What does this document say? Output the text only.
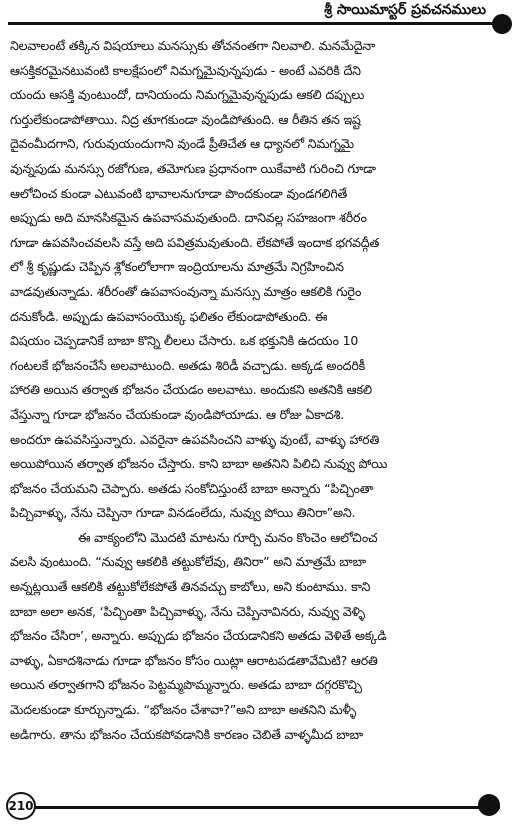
శ్రీ సాయిమాస్టర్ ప్రవచనములు
నిలవాలంటే తక్కిన విషయాలు మనస్సుకు తోచనంతగా నిలవాలి. మనమేదైనా
ఆసక్తికరమైనటువంటి కాలక్షేపంలో నిమగ్నమైవున్నపుడు - అంటే ఎవరికి దేని
యందు ఆసక్తి వుంటుందో, దానియందు నిమగ్నమైవున్నపుడు ఆకలి దప్పులు
గుర్తులేకుండాపోతాయి. నిద్ర తూగకుండా వుండిపోతుంది. ఆ రీతిన తన ఇష్ట
దైవంమీదగాని, గురువుయందుగాని వుండే ప్రీతిచేత ఆ ధ్యానలో నిమగ్నమై
వున్నపుడు మనస్సు రజోగుణ, తమోగుణ ప్రధానంగా యికేవాటి గురించి గూడా
ఆలోచించ కుండా ఎటువంటి భావాలనుగూడా పొందకుండా వుండగలిగితే
అప్పుడు అది మానసికమైన ఉపవాసమవుతుంది. దానివల్ల సహజంగా శరీరం
గూడా ఉపవసించవలసి వస్తే అది పవిత్రమవుతుంది. లేకపోతే ఇందాక భగవద్గీత
లో శ్రీ కృష్ణుడు చెప్పిన శ్లోకంలోలాగా ఇంద్రియాలను మాత్రమే నిగ్రహించిన
వాడవుతున్నాడు. శరీరంతో ఉపవాసంవున్నా మనస్సు మాత్రం ఆకలికి గురైం
దనుకోండి. అప్పుడు ఉపవాసంయొక్క ఫలితం లేకుండాపోతుంది. ఈ
విషయం చెప్పడానికే బాబా కొన్ని లీలలు చేసారు. ఒక భక్తునికి ఉదయం 10
గంటలకే భోజనంచేసే అలవాటుంది. అతడు శిరిడీ వచ్చాడు. అక్కడ అందరికీ
హారతి అయిన తర్వాత భోజనం చేయడం అలవాటు. అందుకని అతనికి ఆకలి
వేస్తున్నా గూడా భోజనం చేయకుండా వుండిపోయాడు. ఆ రోజు ఏకాదశి.
అందరూ ఉపవసిస్తున్నారు. ఎవరైనా ఉపవసించని వాళ్ళు వుంటే, వాళ్ళు హారతి
అయిపోయిన తర్వాత భోజనం చేస్తారు. కాని బాబా అతనిని పిలిచి నువ్వు పోయి
భోజనం చేయమని చెప్పారు. అతడు సంకోచిస్తుంటే బాబా అన్నారు “పిచ్చింతా
పిచ్చివాళ్ళు, నేను చెప్పినా గూడా వినడంలేదు, నువ్వు పోయి తినిరా”అని.
ఈ వాక్యంలోని మొదటి మాటను గూర్చి మనం కొంచెం ఆలోచించ
వలసి వుంటుంది. “నువ్వు ఆకలికి తట్టుకోలేవు, తినిరా” అని మాత్రమే బాబా
అన్నట్లయితే ఆకలికి తట్టుకోలేకపోతే తినవచ్చు కాబోలు, అని కుంటాము. కాని
బాబా అలా అనక, ‘పిచ్చింతా పిచ్చివాళ్ళు, నేను చెప్పినావినరు, నువ్వు వెళ్ళి
భోజనం చేసిరా’, అన్నారు. అప్పుడు భోజనం చేయడానికని అతడు వెళితే అక్కడి
వాళ్ళు, ఏకాదశినాడు గూడా భోజనం కోసం యిట్లా ఆరాటపడతావేమిటి? ఆరతి
అయిన తర్వాతగాని భోజనం పెట్టమ్మపొమ్మన్నారు. అతడు బాబా దగ్గరకొచ్చి
మెదలకుండా కూర్చున్నాడు. “భోజనం చేశావా?”అని బాబా అతనిని మళ్ళీ
అడిగారు. తాను భోజనం చేయకపోవడానికి కారణం చెబితే వాళ్ళమీద బాబా
210
